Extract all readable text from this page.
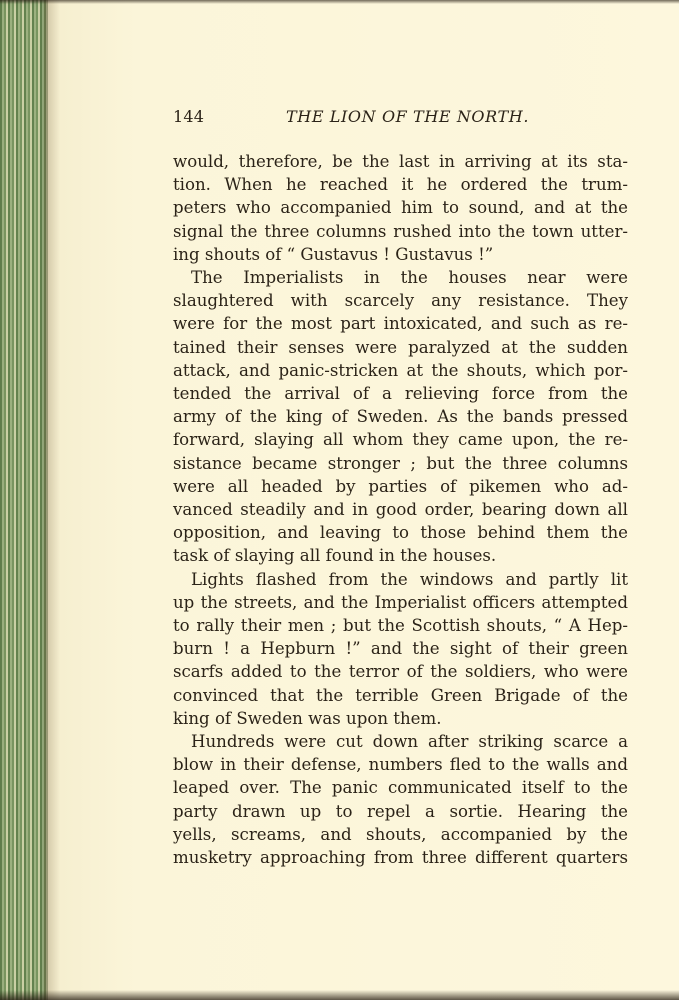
144	THE LION OF THE NORTH.
would, therefore, be the last in arriving at its sta-
tion. When he reached it he ordered the trum-
peters who accompanied him to sound, and at the
signal the three columns rushed into the town utter-
ing shouts of “ Gustavus ! Gustavus !”
The Imperialists in the houses near were
slaughtered with scarcely any resistance. They
were for the most part intoxicated, and such as re-
tained their senses were paralyzed at the sudden
attack, and panic-stricken at the shouts, which por-
tended the arrival of a relieving force from the
army of the king of Sweden. As the bands pressed
forward, slaying all whom they came upon, the re-
sistance became stronger ; but the three columns
were all headed by parties of pikemen who ad-
vanced steadily and in good order, bearing down all
opposition, and leaving to those behind them the
task of slaying all found in the houses.
Lights flashed from the windows and partly lit
up the streets, and the Imperialist officers attempted
to rally their men ; but the Scottish shouts, “ A Hep-
burn ! a Hepburn !” and the sight of their green
scarfs added to the terror of the soldiers, who were
convinced that the terrible Green Brigade of the
king of Sweden was upon them.
Hundreds were cut down after striking scarce a
blow in their defense, numbers fled to the walls and
leaped over. The panic communicated itself to the
party drawn up to repel a sortie. Hearing the
yells, screams, and shouts, accompanied by the
musketry approaching from three different quarters
